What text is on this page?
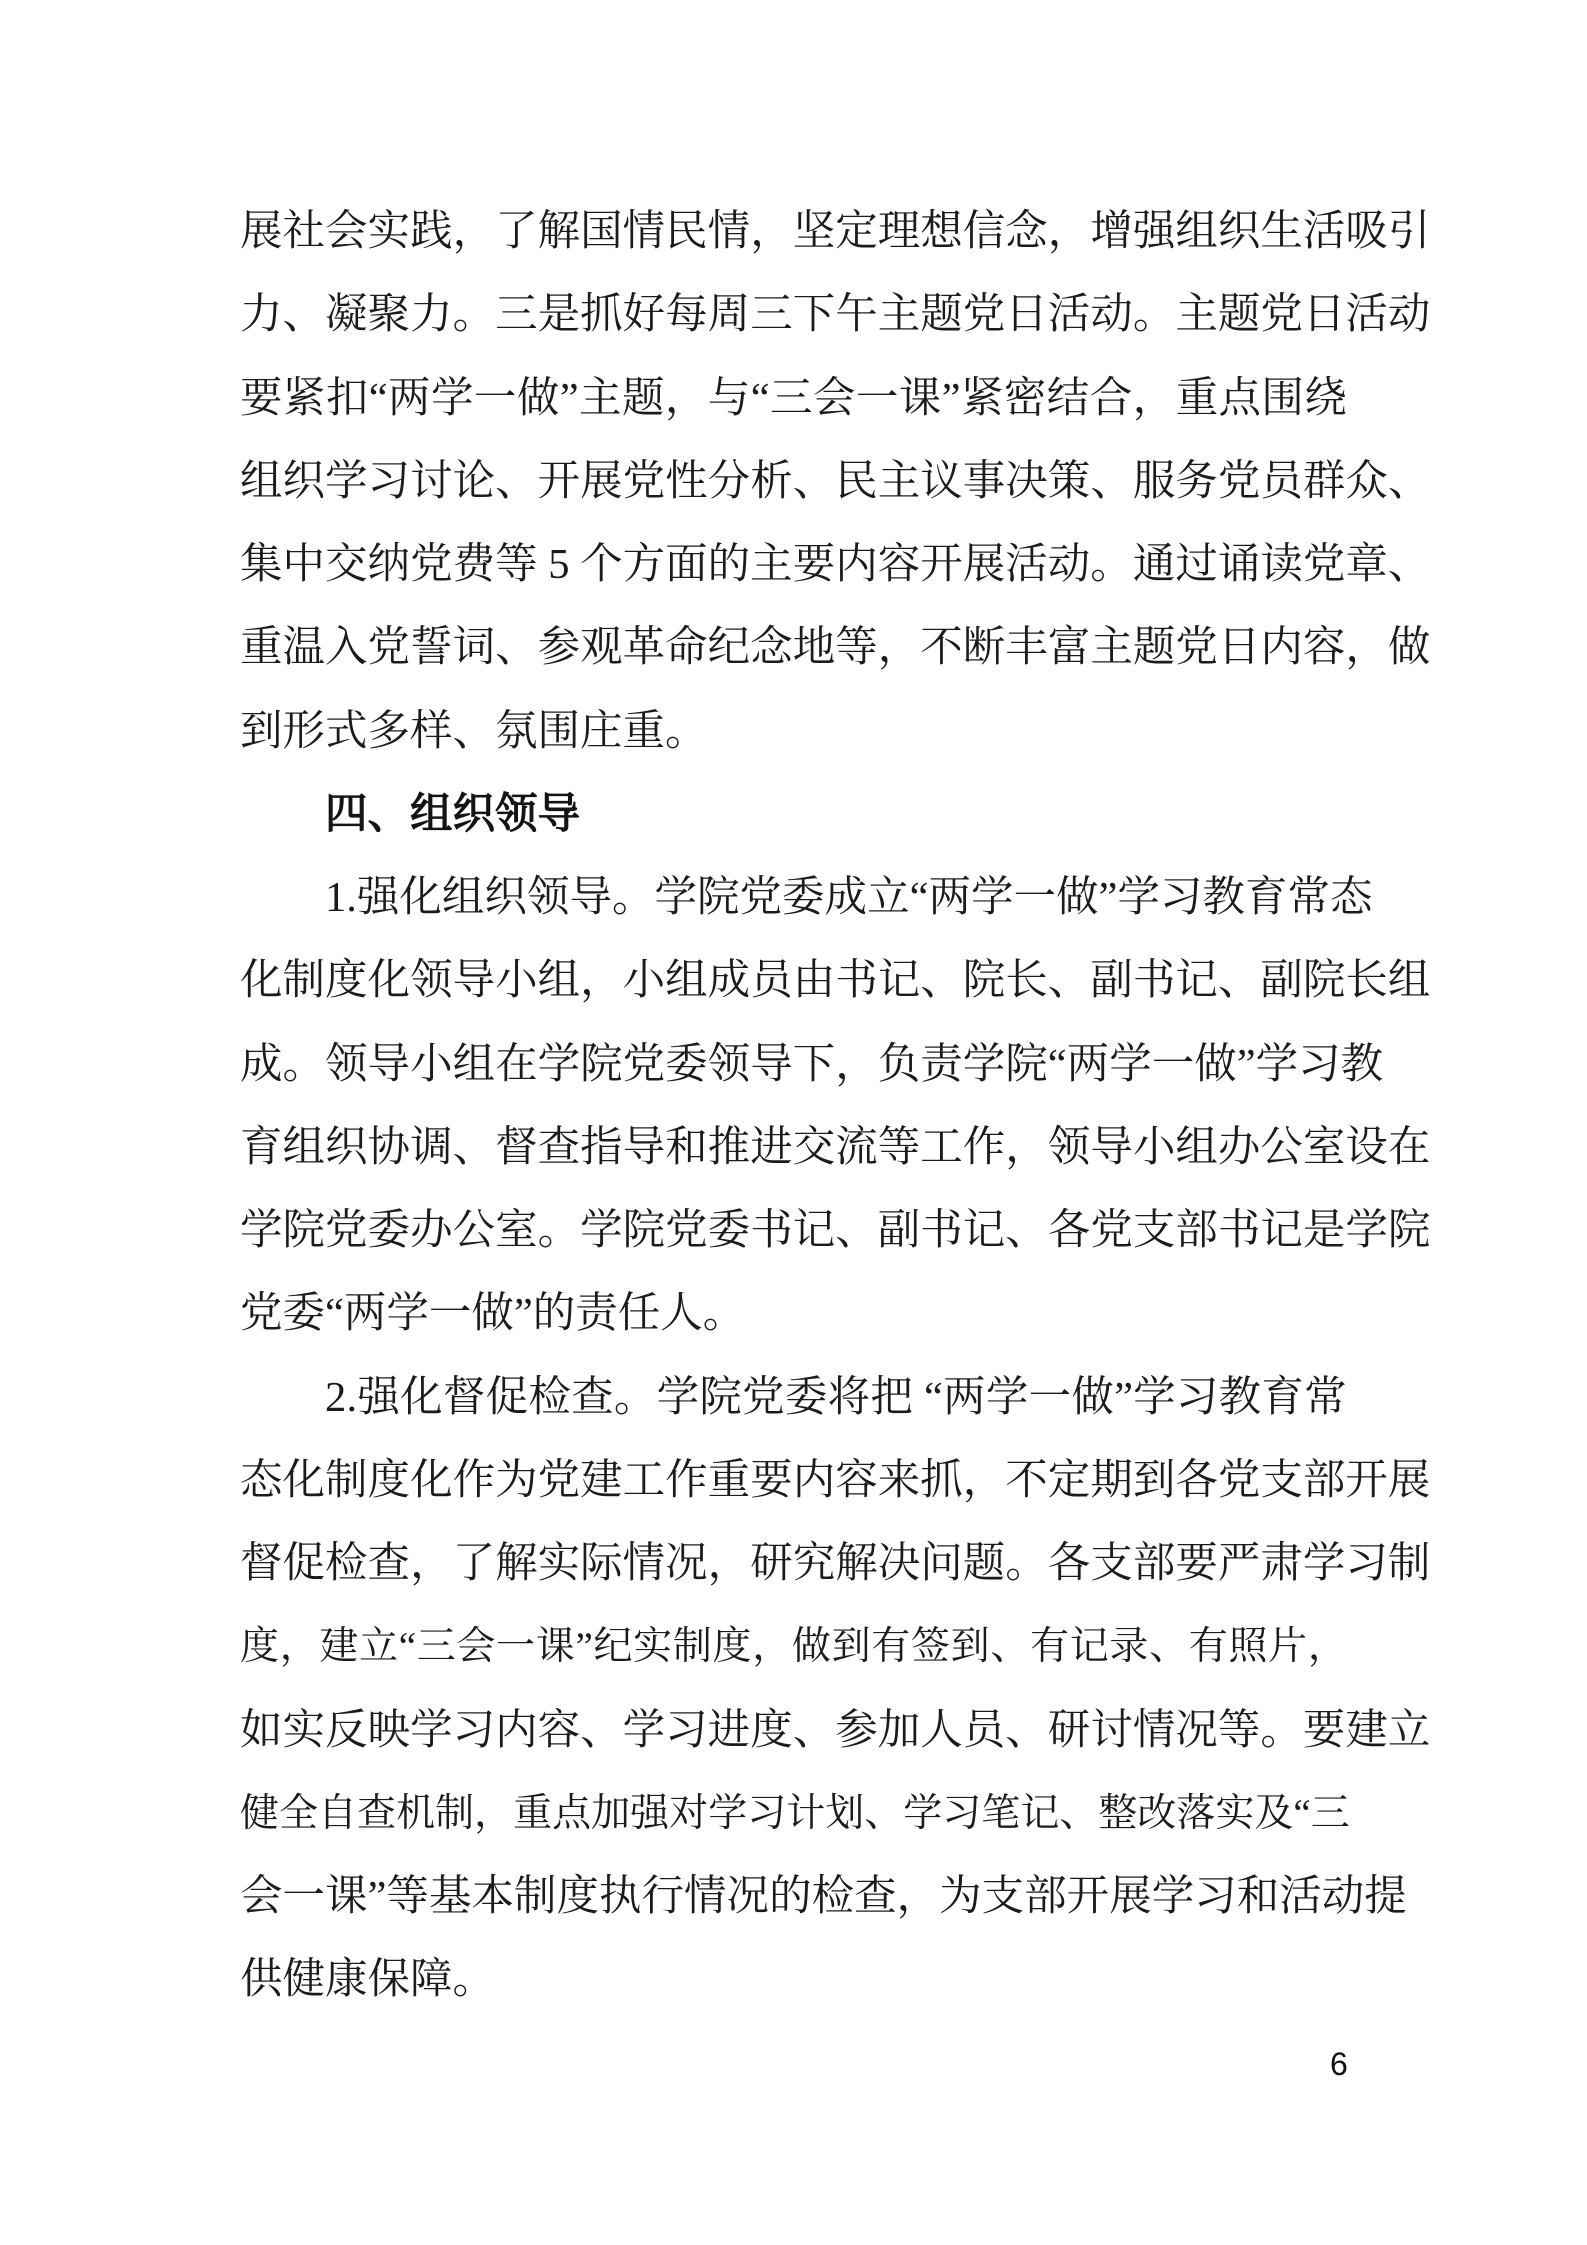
展 社 会 实 践 ， 了 解 国 情 民 情 ， 坚 定 理 想 信 念 ， 增 强 组 织 生 活 吸 引
力 、 凝 聚 力 。 三 是 抓 好 每 周 三 下 午 主 题 党 日 活 动 。 主 题 党 日 活 动
要 紧 扣 “ 两 学 一 做 ” 主 题 ， 与 “ 三 会 一 课 ” 紧 密 结 合 ， 重 点 围 绕
组 织 学 习 讨 论 、 开 展 党 性 分 析 、 民 主 议 事 决 策 、 服 务 党 员 群 众 、
集 中 交 纳 党 费 等
5
个 方 面 的 主 要 内 容 开 展 活 动 。 通 过 诵 读 党 章 、
重 温 入 党 誓 词 、 参 观 革 命 纪 念 地 等 ， 不 断 丰 富 主 题 党 日 内 容 ， 做
到形式多样、氛围庄重。
四、组织领导
1 . 强 化 组 织 领 导 。 学 院 党 委 成 立 “ 两 学 一 做 ” 学 习 教 育 常 态
化 制 度 化 领 导 小 组 ， 小 组 成 员 由 书 记 、 院 长 、 副 书 记 、 副 院 长 组
成 。 领 导 小 组 在 学 院 党 委 领 导 下 ， 负 责 学 院 “ 两 学 一 做 ” 学 习 教
育 组 织 协 调 、 督 查 指 导 和 推 进 交 流 等 工 作 ， 领 导 小 组 办 公 室 设 在
学 院 党 委 办 公 室 。 学 院 党 委 书 记 、 副 书 记 、 各 党 支 部 书 记 是 学 院
党委“两学一做”的责任人。
2 . 强 化 督 促 检 查 。 学 院 党 委 将 把
“ 两 学 一 做 ” 学 习 教 育 常
态 化 制 度 化 作 为 党 建 工 作 重 要 内 容 来 抓 ， 不 定 期 到 各 党 支 部 开 展
督 促 检 查 ， 了 解 实 际 情 况 ， 研 究 解 决 问 题 。 各 支 部 要 严 肃 学 习 制
度 ， 建 立 “ 三 会 一 课 ” 纪 实 制 度 ， 做 到 有 签 到 、 有 记 录 、 有 照 片 ，
如 实 反 映 学 习 内 容 、 学 习 进 度 、 参 加 人 员 、 研 讨 情 况 等 。 要 建 立
健 全 自 查 机 制 ， 重 点 加 强 对 学 习 计 划 、 学 习 笔 记 、 整 改 落 实 及 “ 三
会 一 课 ” 等 基 本 制 度 执 行 情 况 的 检 查 ， 为 支 部 开 展 学 习 和 活 动 提
供健康保障。
6
